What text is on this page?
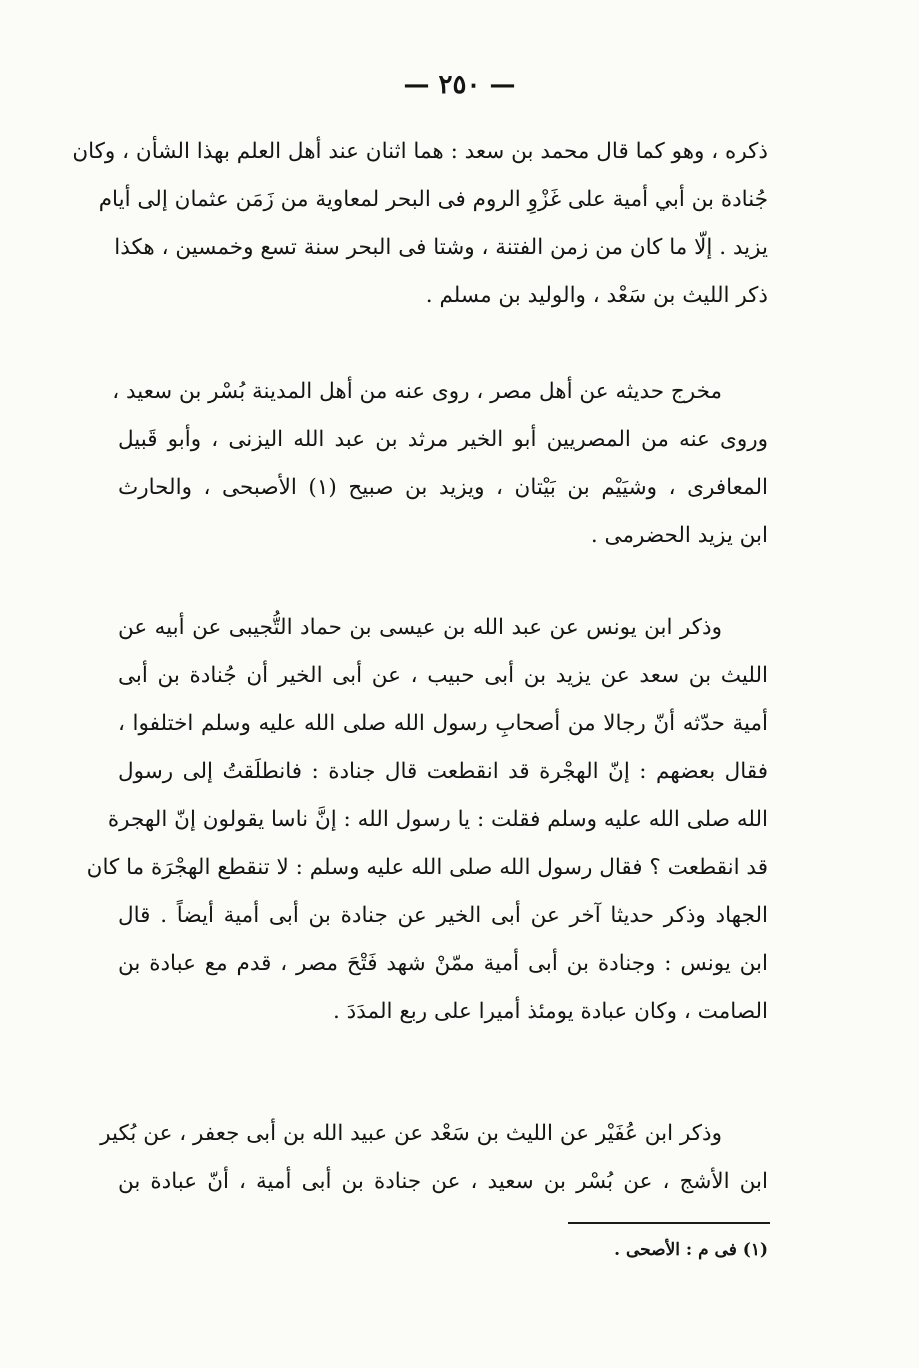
— ٢٥٠ —
ذكره ، وهو كما قال محمد بن سعد : هما اثنان عند أهل العلم بهذا الشأن ، وكان
جُنادة بن أبي أمية على غَزْوِ الروم فى البحر لمعاوية من زَمَن عثمان إلى أيام
يزيد . إلّا ما كان من زمن الفتنة ، وشتا فى البحر سنة تسع وخمسين ، هكذا
ذكر الليث بن سَعْد ، والوليد بن مسلم .
مخرج حديثه عن أهل مصر ، روى عنه من أهل المدينة بُسْر بن سعيد ،
وروى عنه من المصريين أبو الخير مرثد بن عبد الله اليزنى ، وأبو قَبيل
المعافرى ، وشيَيْم بن بَيْتان ، ويزيد بن صبيح (١) الأصبحى ، والحارث
ابن يزيد الحضرمى .
وذكر ابن يونس عن عبد الله بن عيسى بن حماد التُّجيبى عن أبيه عن
الليث بن سعد عن يزيد بن أبى حبيب ، عن أبى الخير أن جُنادة بن أبى
أمية حدّثه أنّ رجالا من أصحابِ رسول الله صلى الله عليه وسلم اختلفوا ،
فقال بعضهم : إنّ الهجْرة قد انقطعت قال جنادة : فانطلَقتُ إلى رسول
الله صلى الله عليه وسلم فقلت : يا رسول الله : إنَّ ناسا يقولون إنّ الهجرة
قد انقطعت ؟ فقال رسول الله صلى الله عليه وسلم : لا تنقطع الهجْرَة ما كان
الجهاد وذكر حديثا آخر عن أبى الخير عن جنادة بن أبى أمية أيضاً . قال
ابن يونس : وجنادة بن أبى أمية ممّنْ شهد فَتْحَ مصر ، قدم مع عبادة بن
الصامت ، وكان عبادة يومئذ أميرا على ربع المدَدَ .
وذكر ابن عُفَيْر عن الليث بن سَعْد عن عبيد الله بن أبى جعفر ، عن بُكير
ابن الأشج ، عن بُسْر بن سعيد ، عن جنادة بن أبى أمية ، أنّ عبادة بن
(١) فى م : الأصحى .
